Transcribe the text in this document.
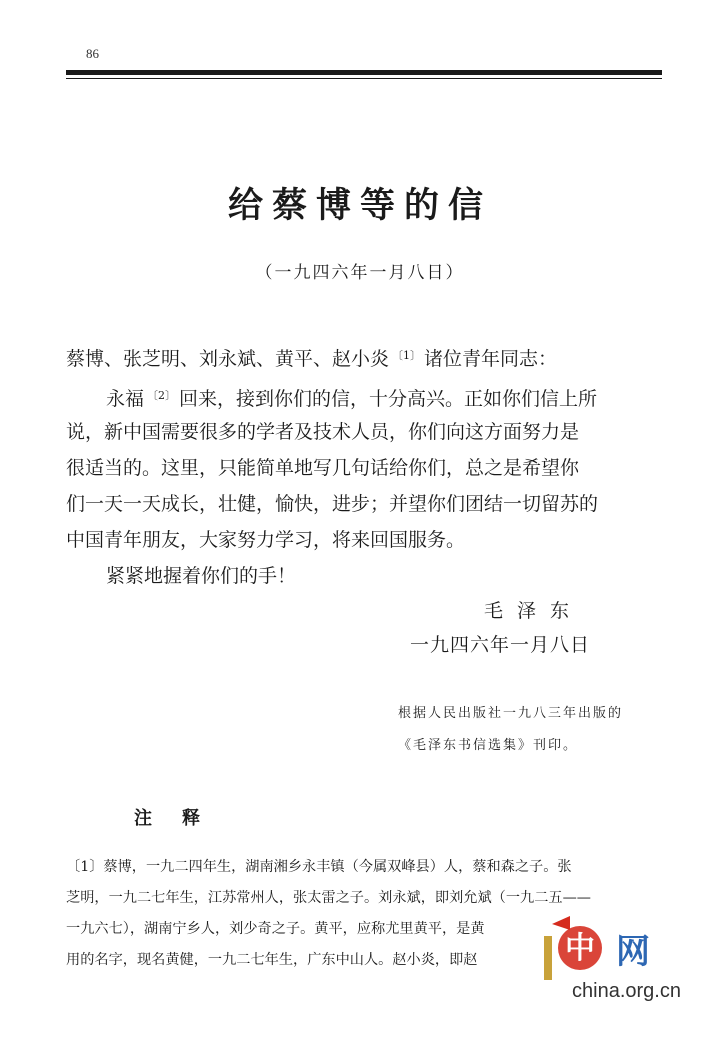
86
给蔡博等的信
（一九四六年一月八日）
蔡博、张芝明、刘永斌、黄平、赵小炎 $^{〔1〕}$ 诸位青年同志：
永福 $^{〔2〕}$ 回来，接到你们的信，十分高兴。正如你们信上所
说，新中国需要很多的学者及技术人员，你们向这方面努力是
很适当的。这里，只能简单地写几句话给你们，总之是希望你
们一天一天成长，壮健，愉快，进步；并望你们团结一切留苏的
中国青年朋友，大家努力学习，将来回国服务。
紧紧地握着你们的手！
毛泽东
一九四六年一月八日
根据人民出版社一九八三年出版的
《毛泽东书信选集》刊印。
注释
〔1〕蔡博，一九二四年生，湖南湘乡永丰镇（今属双峰县）人，蔡和森之子。张
芝明，一九二七年生，江苏常州人，张太雷之子。刘永斌，即刘允斌（一九二五——
一九六七），湖南宁乡人，刘少奇之子。黄平，应称尤里黄平，是黄
用的名字，现名黄健，一九二七年生，广东中山人。赵小炎，即赵	中 网
china.org.cn
